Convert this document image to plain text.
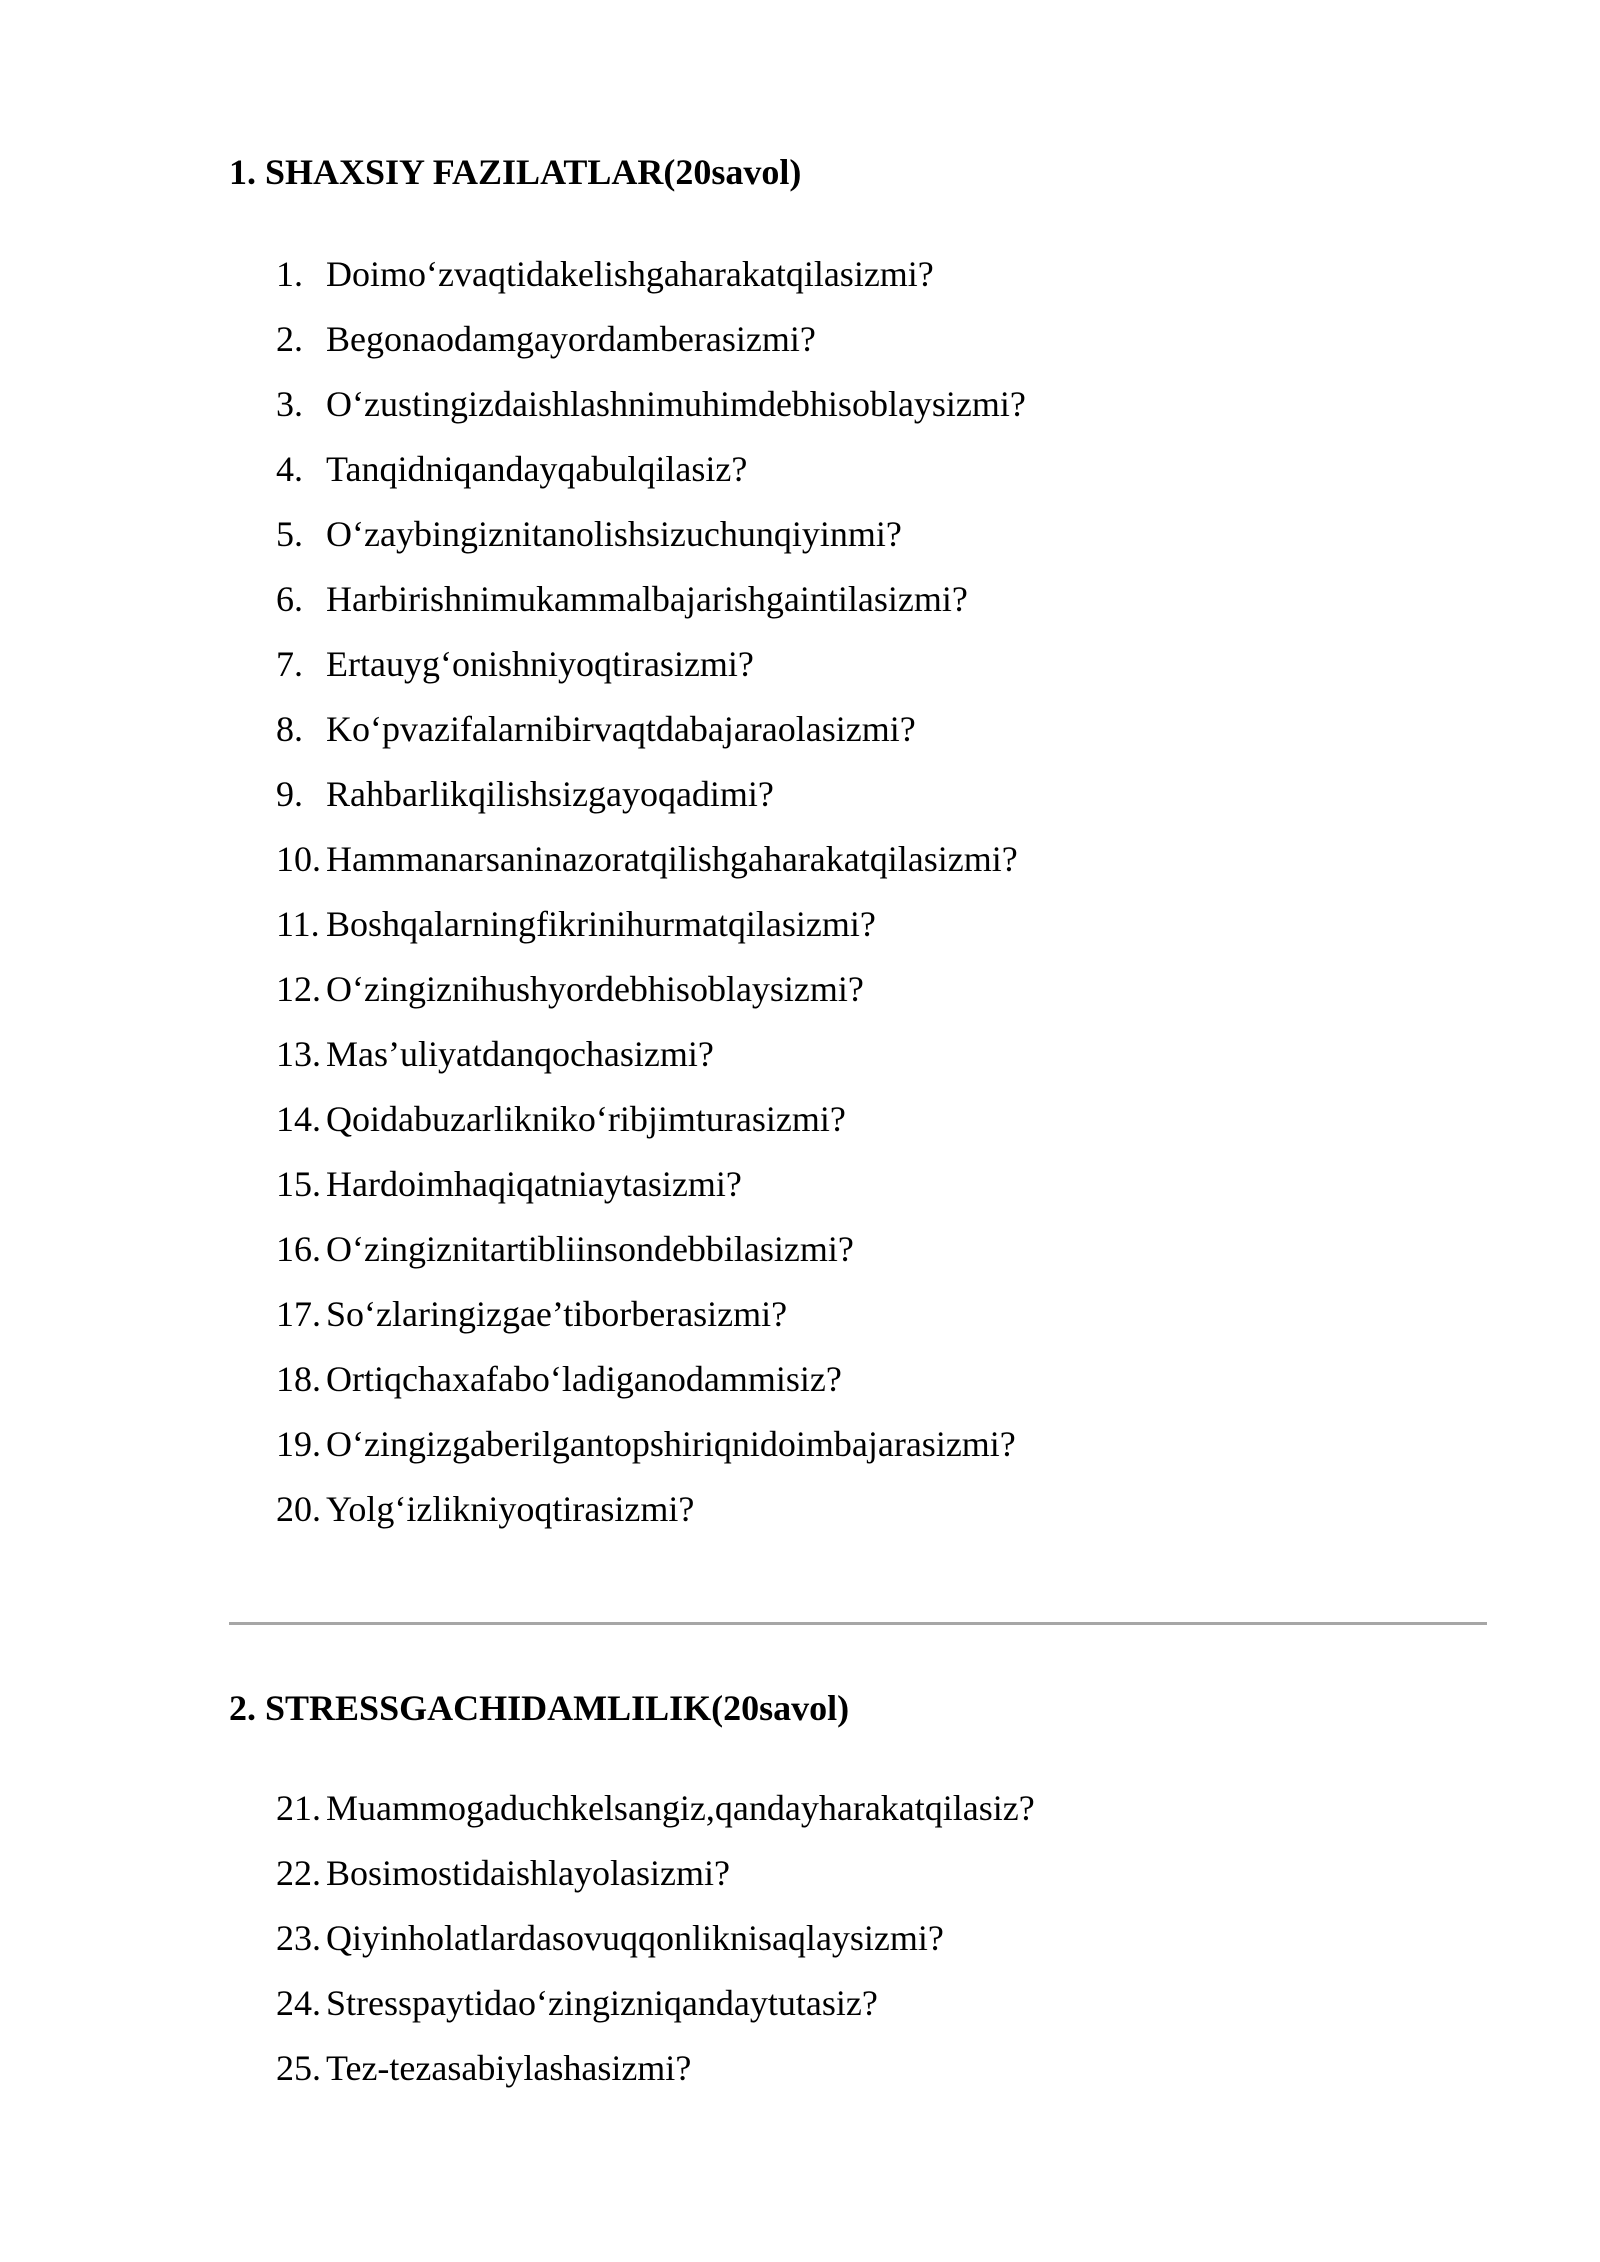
1. SHAXSIY FAZILATLAR(20savol)
1. Doimo‘zvaqtidakelishgaharakatqilasizmi?
2. Begonaodamgayordamberasizmi?
3. O‘zustingizdaishlashnimuhimdebhisoblaysizmi?
4. Tanqidniqandayqabulqilasiz?
5. O‘zaybingiznitanolishsizuchunqiyinmi?
6. Harbirishnimukammalbajarishgaintilasizmi?
7. Ertauyg‘onishniyoqtirasizmi?
8. Ko‘pvazifalarnibirvaqtdabajaraolasizmi?
9. Rahbarlikqilishsizgayoqadimi?
10. Hammanarsaninazoratqilishgaharakatqilasizmi?
11. Boshqalarningfikrinihurmatqilasizmi?
12. O‘zingiznihushyordebhisoblaysizmi?
13. Mas’uliyatdanqochasizmi?
14. Qoidabuzarlikniko‘ribjimturasizmi?
15. Hardoimhaqiqatniaytasizmi?
16. O‘zingiznitartibliinsondebbilasizmi?
17. So‘zlaringizgae’tiborberasizmi?
18. Ortiqchaxafabo‘ladiganodammisiz?
19. O‘zingizgaberilgantopshiriqnidoimbajarasizmi?
20. Yolg‘izlikniyoqtirasizmi?
2. STRESSGACHIDAMLILIK(20savol)
21. Muammogaduchkelsangiz,qandayharakatqilasiz?
22. Bosimostidaishlayolasizmi?
23. Qiyinholatlardasovuqqonliknisaqlaysizmi?
24. Stresspaytidao‘zingizniqandaytutasiz?
25. Tez-tezasabiylashasizmi?
